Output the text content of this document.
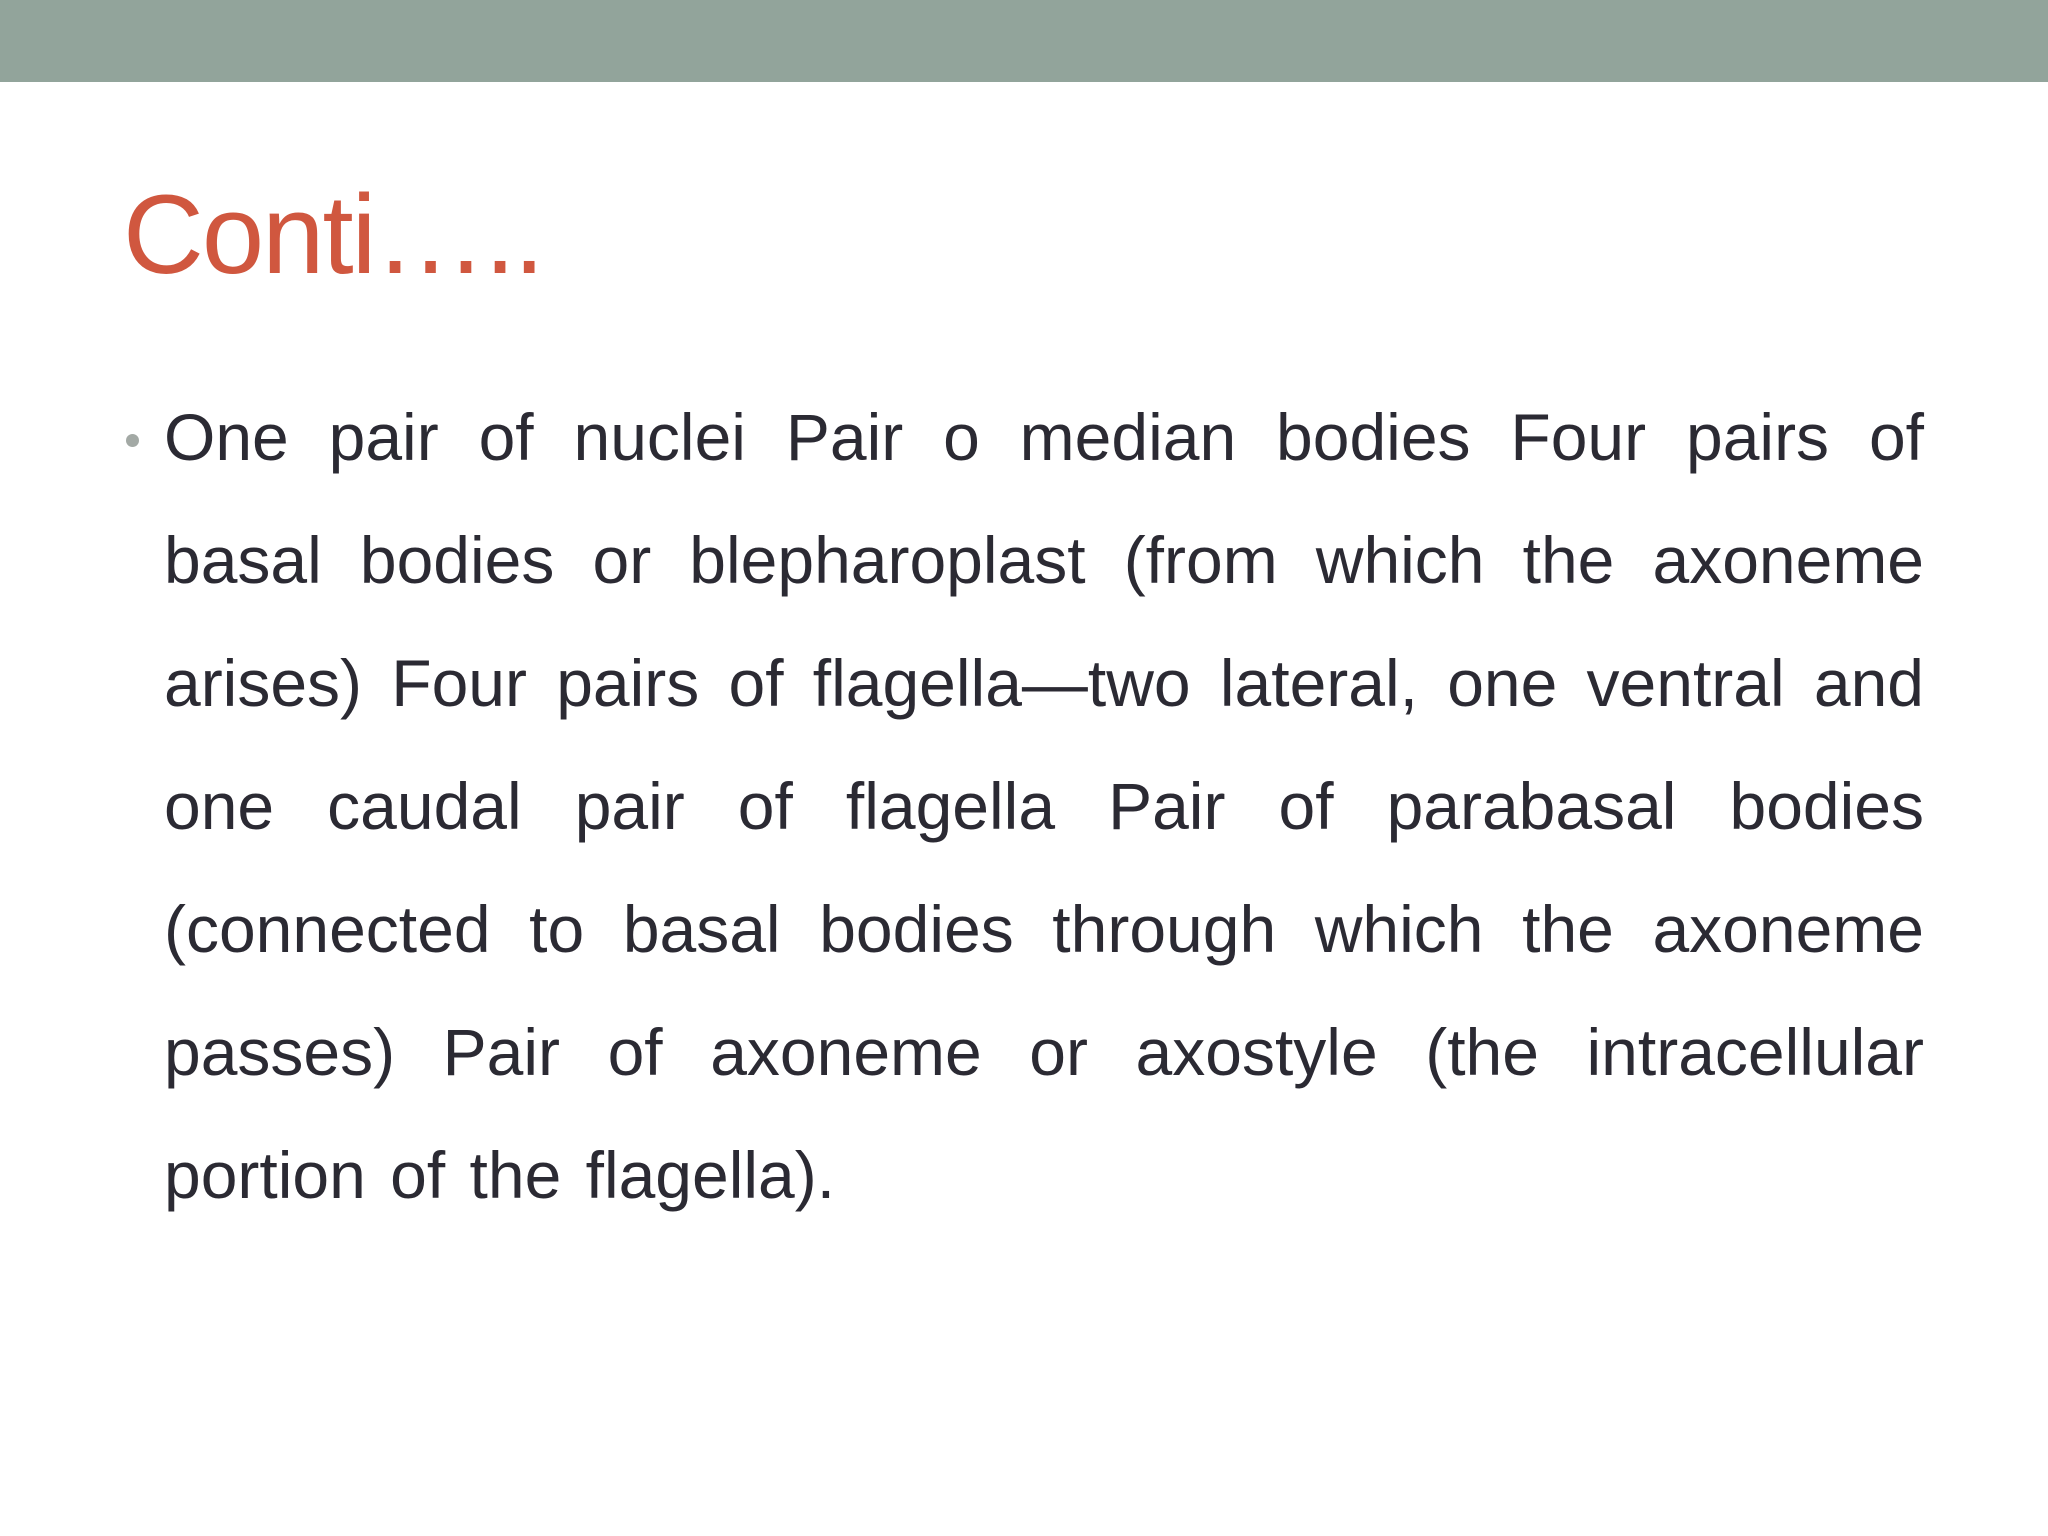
Conti…..

One pair of nuclei Pair o median bodies Four pairs of basal bodies or blepharoplast (from which the axoneme arises) Four pairs of flagella—two lateral, one ventral and one caudal pair of flagella Pair of parabasal bodies (connected to basal bodies through which the axoneme passes) Pair of axoneme or axostyle (the intracellular portion of the flagella).
